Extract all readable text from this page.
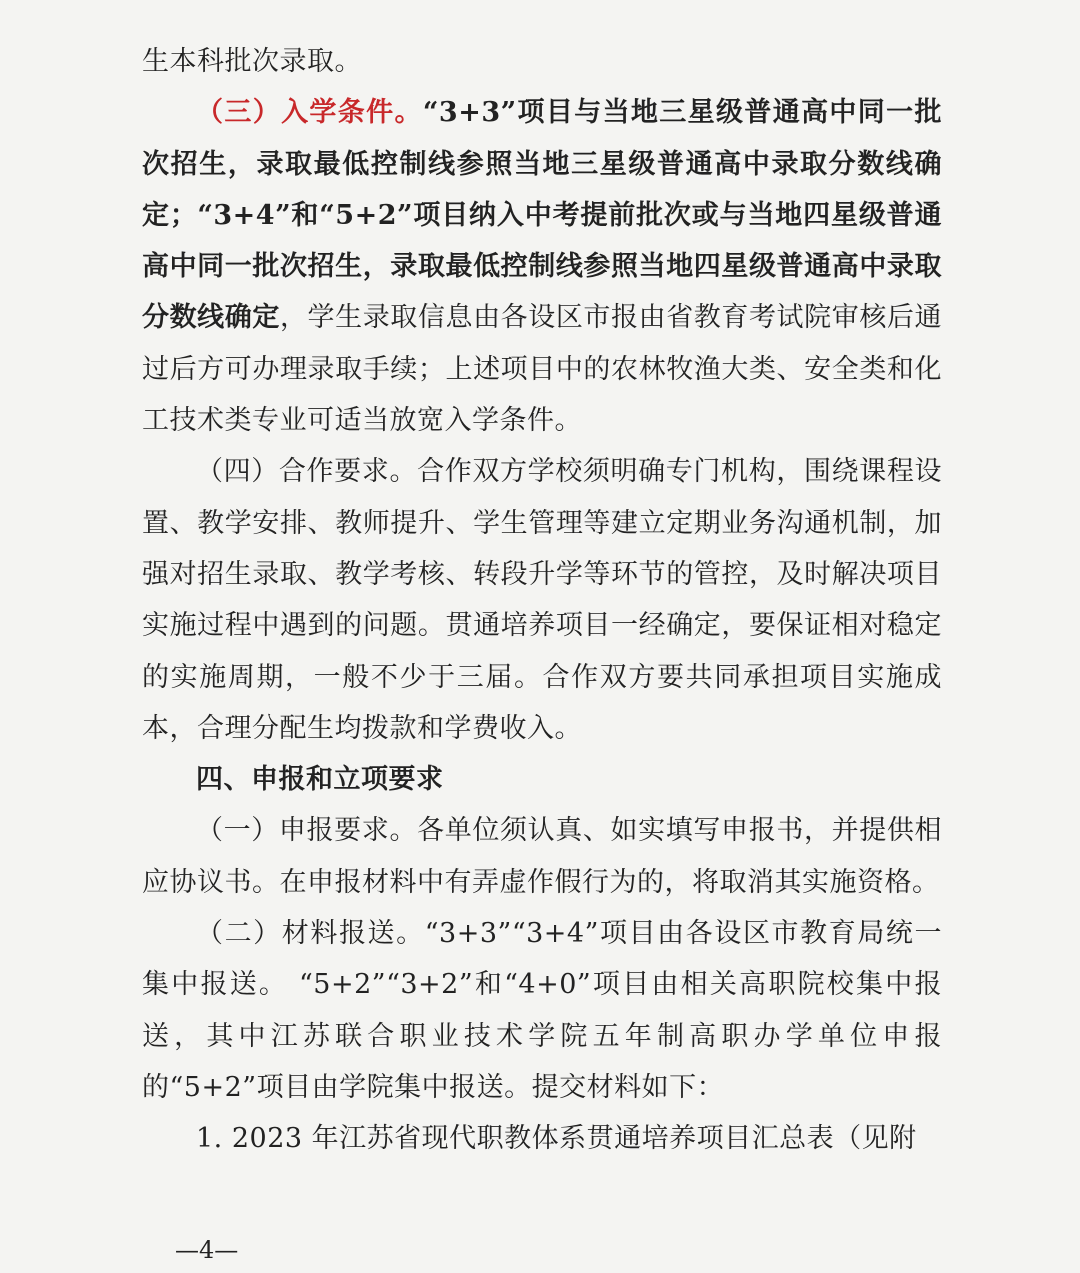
生本科批次录取。

（三）入学条件。“3+3”项目与当地三星级普通高中同一批次招生，录取最低控制线参照当地三星级普通高中录取分数线确定；“3+4”和“5+2”项目纳入中考提前批次或与当地四星级普通高中同一批次招生，录取最低控制线参照当地四星级普通高中录取分数线确定，学生录取信息由各设区市报由省教育考试院审核后通过后方可办理录取手续；上述项目中的农林牧渔大类、安全类和化工技术类专业可适当放宽入学条件。

（四）合作要求。合作双方学校须明确专门机构，围绕课程设置、教学安排、教师提升、学生管理等建立定期业务沟通机制，加强对招生录取、教学考核、转段升学等环节的管控，及时解决项目实施过程中遇到的问题。贯通培养项目一经确定，要保证相对稳定的实施周期，一般不少于三届。合作双方要共同承担项目实施成本，合理分配生均拨款和学费收入。

四、申报和立项要求

（一）申报要求。各单位须认真、如实填写申报书，并提供相应协议书。在申报材料中有弄虚作假行为的，将取消其实施资格。

（二）材料报送。“3+3”“3+4”项目由各设区市教育局统一集中报送。 “5+2”“3+2”和“4+0”项目由相关高职院校集中报送，其中江苏联合职业技术学院五年制高职办学单位申报的“5+2”项目由学院集中报送。提交材料如下：

1. 2023 年江苏省现代职教体系贯通培养项目汇总表（见附

—4—
